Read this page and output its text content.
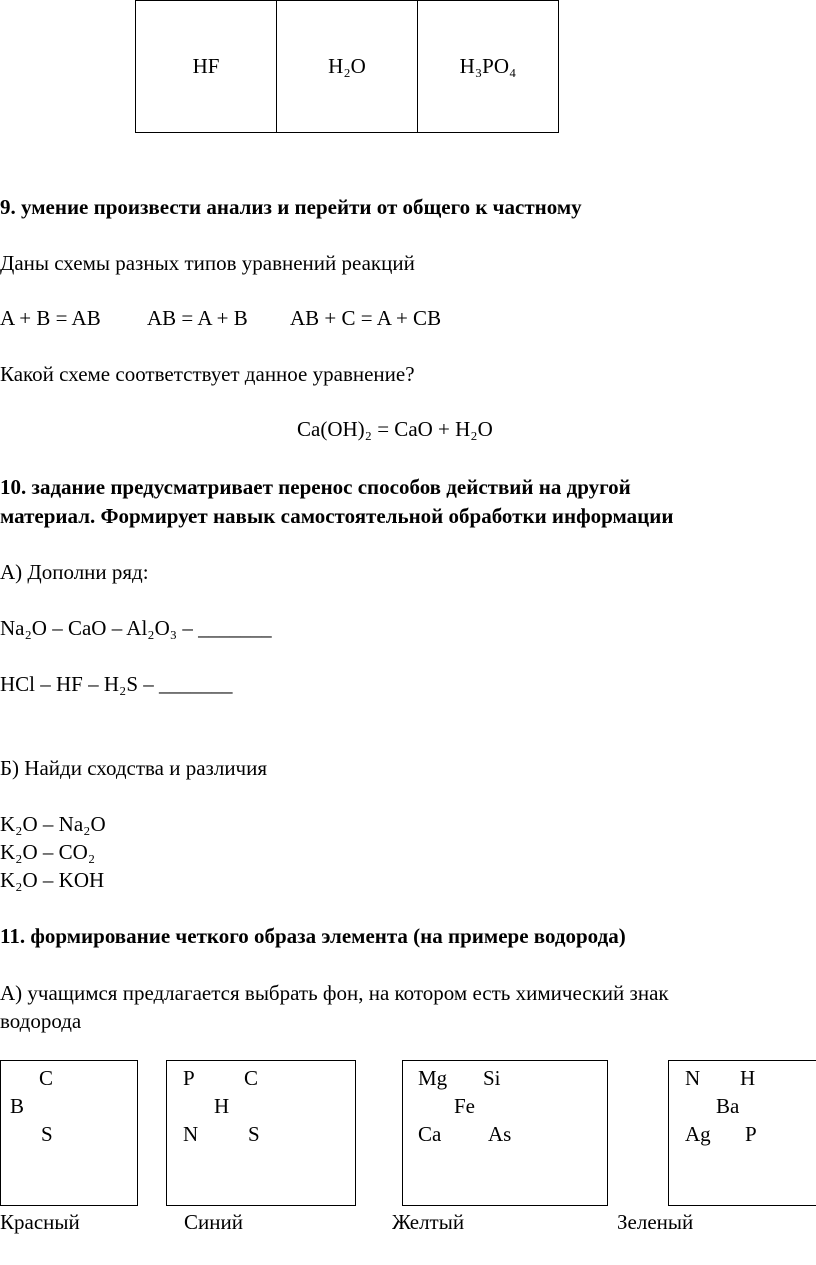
HF	H₂O	H₃PO₄
9. умение произвести анализ и перейти от общего к частному
Даны схемы разных типов уравнений реакций
A + B = AB AB = A + B AB + C = A + CB
Какой схеме соответствует данное уравнение?
Ca(OH)₂ = CaO + H₂O
10. задание предусматривает перенос способов действий на другой
материал. Формирует навык самостоятельной обработки информации
А) Дополни ряд:
Na₂O – CaO – Al₂O₃ – _______
HCl – HF – H₂S – _______
Б) Найди сходства и различия
K₂O – Na₂O
K₂O – CO₂
K₂O – KOH
11. формирование четкого образа элемента (на примере водорода)
А) учащимся предлагается выбрать фон, на котором есть химический знак
водорода
C
B
S
P C
H
N S
Mg Si
Fe
Ca As
N H
Ba
Ag P
Красный	Синий	Желтый	Зеленый
